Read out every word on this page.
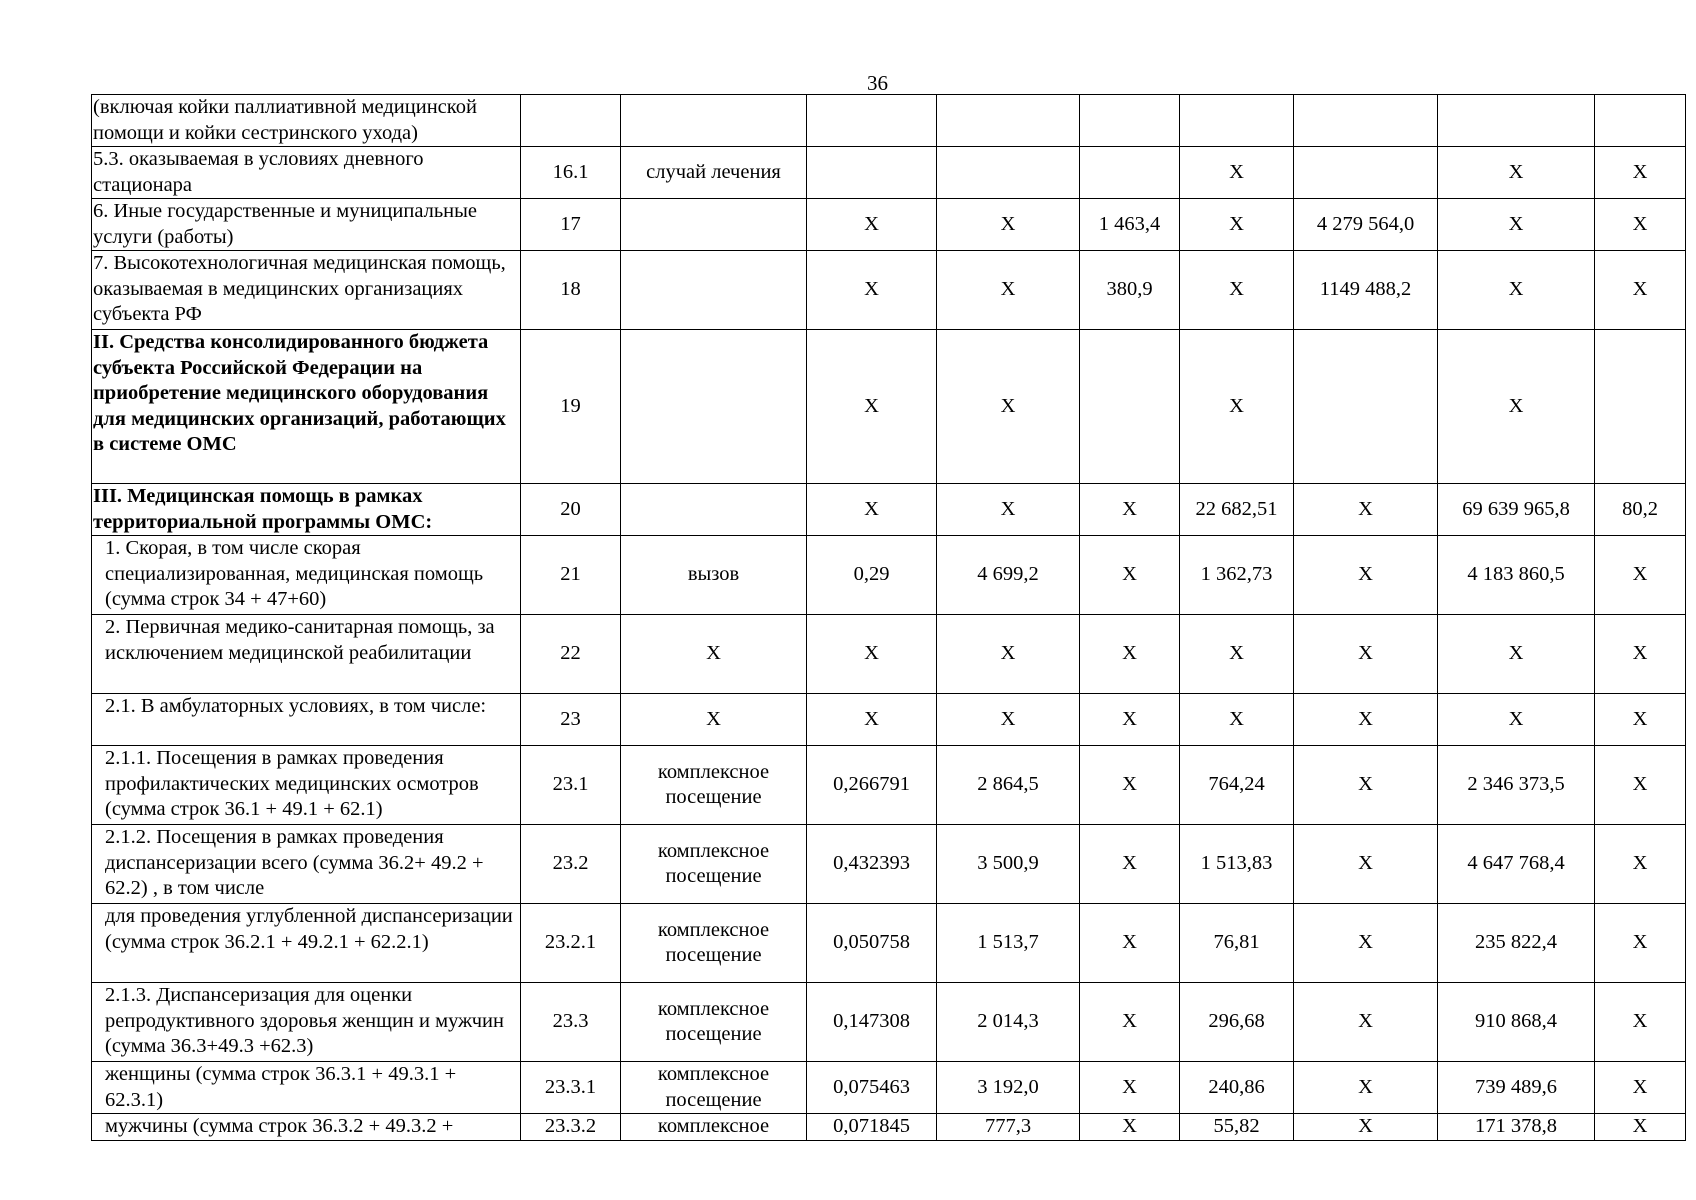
36
(включая койки паллиативной медицинской помощи и койки сестринского ухода)									
5.3. оказываемая в условиях дневного стационара	16.1	случай лечения				X		X	X
6. Иные государственные и муниципальные услуги (работы)	17		X	X	1 463,4	X	4 279 564,0	X	X
7. Высокотехнологичная медицинская помощь, оказываемая в медицинских организациях субъекта РФ	18		X	X	380,9	X	1149 488,2	X	X
II. Средства консолидированного бюджета субъекта Российской Федерации на приобретение медицинского оборудования для медицинских организаций, работающих в системе ОМС	19		X	X		X		X	
III. Медицинская помощь в рамках территориальной программы ОМС:	20		X	X	X	22 682,51	X	69 639 965,8	80,2
1. Скорая, в том числе скорая специализированная, медицинская помощь (сумма строк 34 + 47+60)	21	вызов	0,29	4 699,2	X	1 362,73	X	4 183 860,5	X
2. Первичная медико-санитарная помощь, за исключением медицинской реабилитации	22	X	X	X	X	X	X	X	X
2.1. В амбулаторных условиях, в том числе:	23	X	X	X	X	X	X	X	X
2.1.1. Посещения в рамках проведения профилактических медицинских осмотров (сумма строк 36.1 + 49.1 + 62.1)	23.1	комплексное посещение	0,266791	2 864,5	X	764,24	X	2 346 373,5	X
2.1.2. Посещения в рамках проведения диспансеризации всего (сумма 36.2+ 49.2 + 62.2) , в том числе	23.2	комплексное посещение	0,432393	3 500,9	X	1 513,83	X	4 647 768,4	X
для проведения углубленной диспансеризации (сумма строк 36.2.1 + 49.2.1 + 62.2.1)	23.2.1	комплексное посещение	0,050758	1 513,7	X	76,81	X	235 822,4	X
2.1.3. Диспансеризация для оценки репродуктивного здоровья женщин и мужчин (сумма 36.3+49.3 +62.3)	23.3	комплексное посещение	0,147308	2 014,3	X	296,68	X	910 868,4	X
женщины (сумма строк 36.3.1 + 49.3.1 + 62.3.1)	23.3.1	комплексное посещение	0,075463	3 192,0	X	240,86	X	739 489,6	X
мужчины (сумма строк 36.3.2 + 49.3.2 +	23.3.2	комплексное	0,071845	777,3	X	55,82	X	171 378,8	X
